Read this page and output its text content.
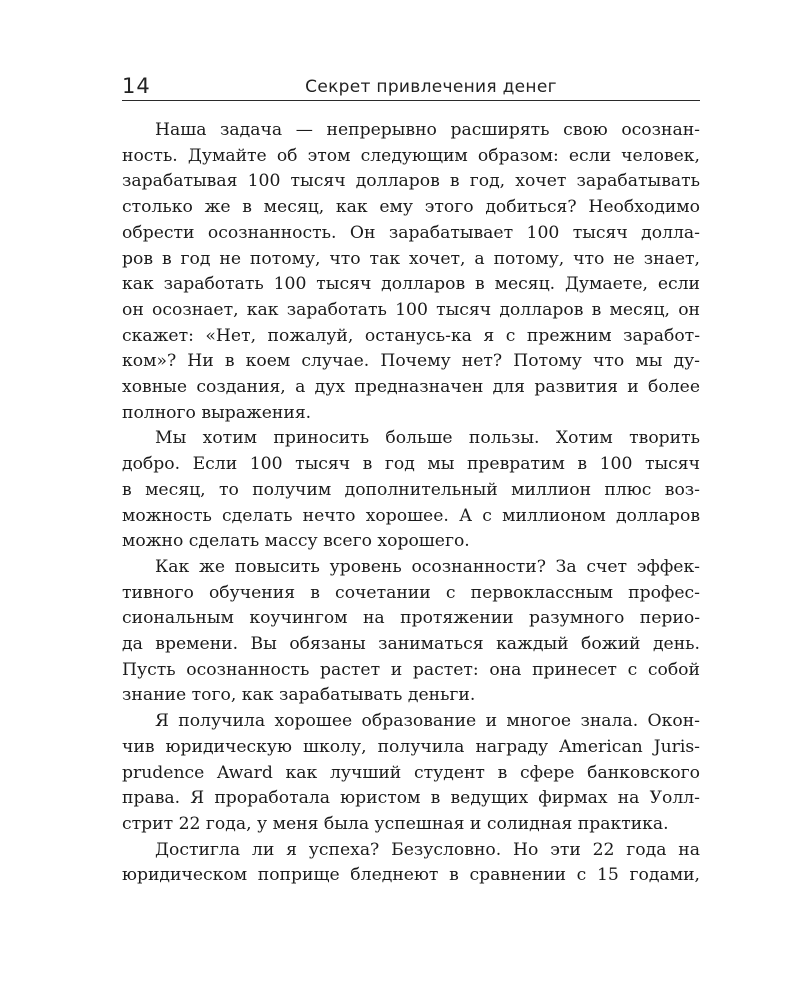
14	Секрет привлечения денег

Наша задача — непрерывно расширять свою осознан-
ность. Думайте об этом следующим образом: если человек,
зарабатывая 100 тысяч долларов в год, хочет зарабатывать
столько же в месяц, как ему этого добиться? Необходимо
обрести осознанность. Он зарабатывает 100 тысяч долла-
ров в год не потому, что так хочет, а потому, что не знает,
как заработать 100 тысяч долларов в месяц. Думаете, если
он осознает, как заработать 100 тысяч долларов в месяц, он
скажет: «Нет, пожалуй, останусь-ка я с прежним заработ-
ком»? Ни в коем случае. Почему нет? Потому что мы ду-
ховные создания, а дух предназначен для развития и более
полного выражения.

Мы хотим приносить больше пользы. Хотим творить
добро. Если 100 тысяч в год мы превратим в 100 тысяч
в месяц, то получим дополнительный миллион плюс воз-
можность сделать нечто хорошее. А с миллионом долларов
можно сделать массу всего хорошего.

Как же повысить уровень осознанности? За счет эффек-
тивного обучения в сочетании с первоклассным профес-
сиональным коучингом на протяжении разумного перио-
да времени. Вы обязаны заниматься каждый божий день.
Пусть осознанность растет и растет: она принесет с собой
знание того, как зарабатывать деньги.

Я получила хорошее образование и многое знала. Окон-
чив юридическую школу, получила награду American Juris-
prudence Award как лучший студент в сфере банковского
права. Я проработала юристом в ведущих фирмах на Уолл-
стрит 22 года, у меня была успешная и солидная практика.

Достигла ли я успеха? Безусловно. Но эти 22 года на
юридическом поприще бледнеют в сравнении с 15 годами,
